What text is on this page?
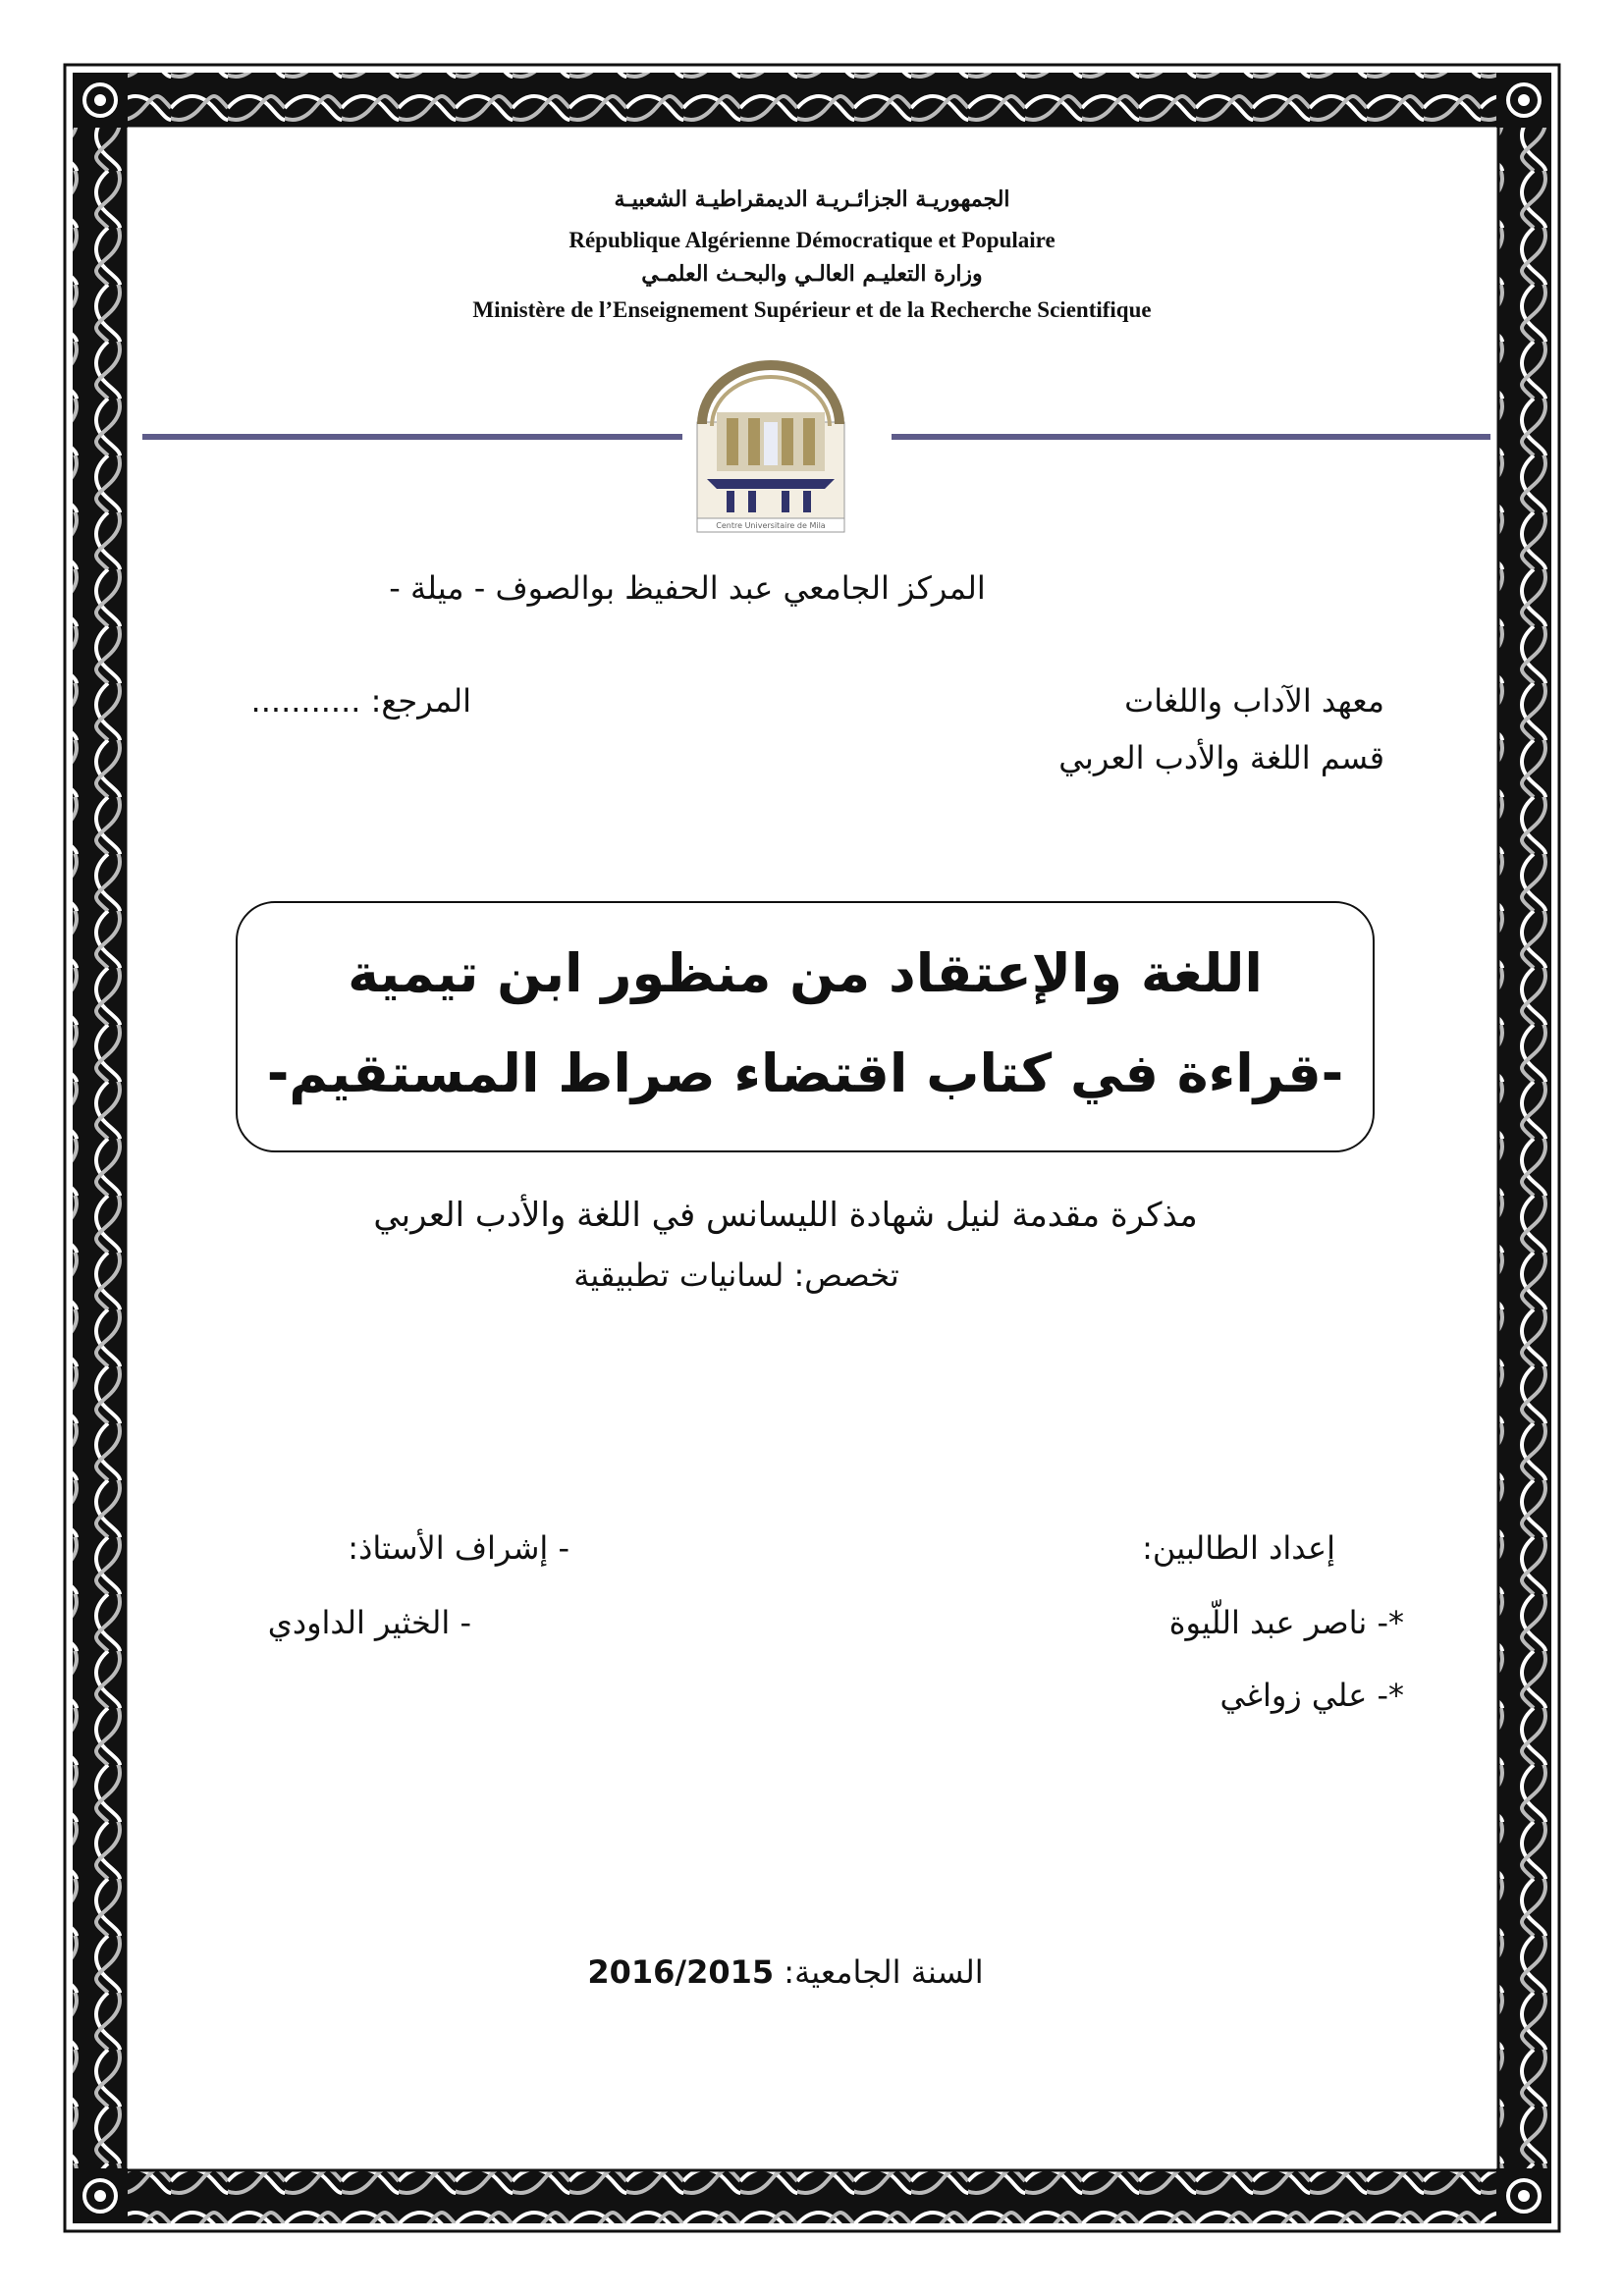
الجمهوريـة الجزائـريـة الديمقراطيـة الشعبيـة
République Algérienne Démocratique et Populaire
وزارة التعليـم العالـي والبحـث العلمـي
Ministère de l’Enseignement Supérieur et de la Recherche Scientifique
Centre Universitaire de Mila
المركز الجامعي عبد الحفيظ بوالصوف - ميلة -
معهد الآداب واللغات
قسم اللغة والأدب العربي
المرجع: ...........
اللغة والإعتقاد من منظور ابن تيمية
-قراءة في كتاب اقتضاء صراط المستقيم-
مذكرة مقدمة لنيل شهادة الليسانس في اللغة والأدب العربي
تخصص: لسانيات تطبيقية
إعداد الطالبين:
*- ناصر عبد اللّيوة
*- علي زواغي
- إشراف الأستاذ:
- الخثير الداودي
السنة الجامعية: 2016/2015
